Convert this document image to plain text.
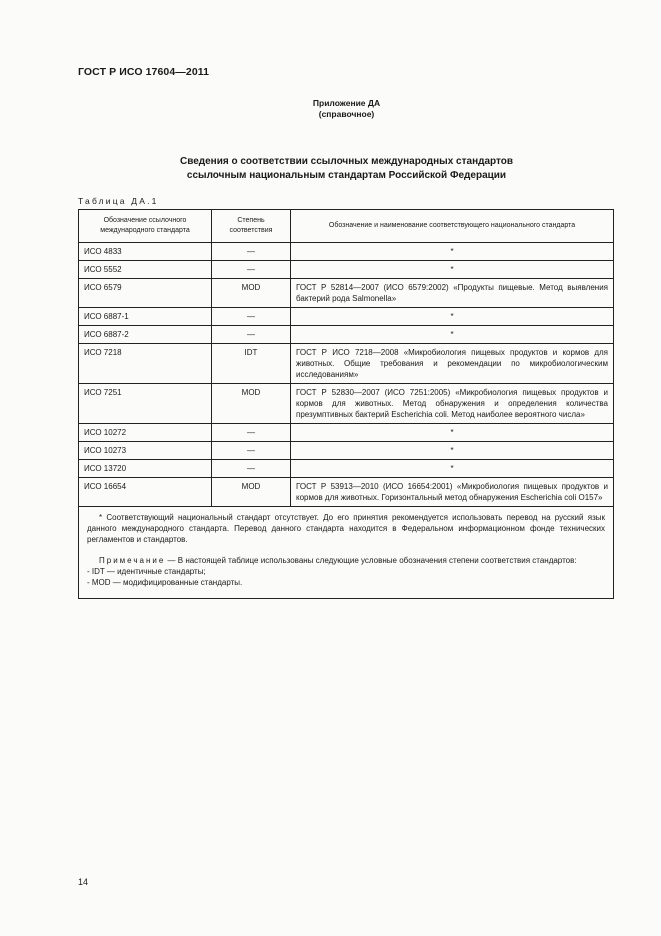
ГОСТ Р ИСО 17604—2011
Приложение ДА
(справочное)
Сведения о соответствии ссылочных международных стандартов
ссылочным национальным стандартам Российской Федерации
Таблица ДА.1
Обозначение ссылочного международного стандарта	Степень соответствия	Обозначение и наименование соответствующего национального стандарта
ИСО 4833	—	*
ИСО 5552	—	*
ИСО 6579	MOD	ГОСТ Р 52814—2007 (ИСО 6579:2002) «Продукты пищевые. Метод выявления бактерий рода Salmonella»
ИСО 6887-1	—	*
ИСО 6887-2	—	*
ИСО 7218	IDT	ГОСТ Р ИСО 7218—2008 «Микробиология пищевых продуктов и кормов для животных. Общие требования и рекомендации по микробиологическим исследованиям»
ИСО 7251	MOD	ГОСТ Р 52830—2007 (ИСО 7251:2005) «Микробиология пищевых продуктов и кормов для животных. Метод обнаружения и определения количества презумптивных бактерий Escherichia coli. Метод наиболее вероятного числа»
ИСО 10272	—	*
ИСО 10273	—	*
ИСО 13720	—	*
ИСО 16654	MOD	ГОСТ Р 53913—2010 (ИСО 16654:2001) «Микробиология пищевых продуктов и кормов для животных. Горизонтальный метод обнаружения Escherichia coli O157»

* Соответствующий национальный стандарт отсутствует. До его принятия рекомендуется использовать перевод на русский язык данного международного стандарта. Перевод данного стандарта находится в Федеральном информационном фонде технических регламентов и стандартов.

Примечание — В настоящей таблице использованы следующие условные обозначения степени соответствия стандартов:

- IDT — идентичные стандарты;

- MOD — модифицированные стандарты.		

14
